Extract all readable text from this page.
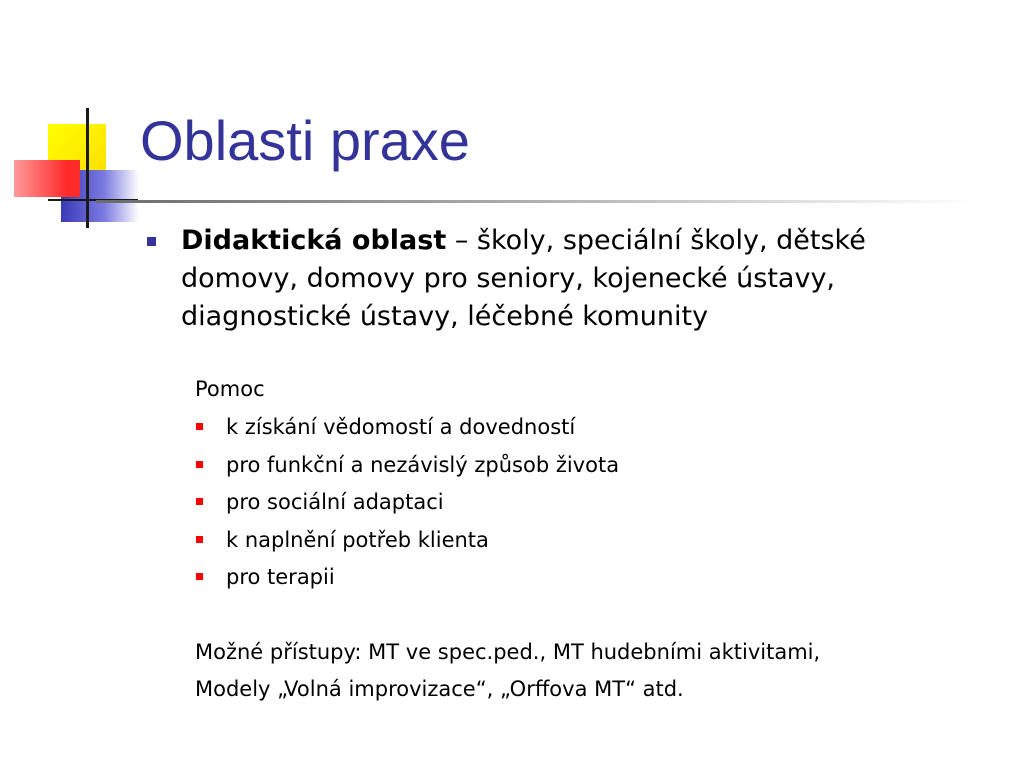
Oblasti praxe

Didaktická oblast – školy, speciální školy, dětské domovy, domovy pro seniory, kojenecké ústavy, diagnostické ústavy, léčebné komunity

Pomoc
k získání vědomostí a dovedností
pro funkční a nezávislý způsob života
pro sociální adaptaci
k naplnění potřeb klienta
pro terapii
Možné přístupy: MT ve spec.ped., MT hudebními aktivitami,
Modely „Volná improvizace“, „Orffova MT“ atd.
